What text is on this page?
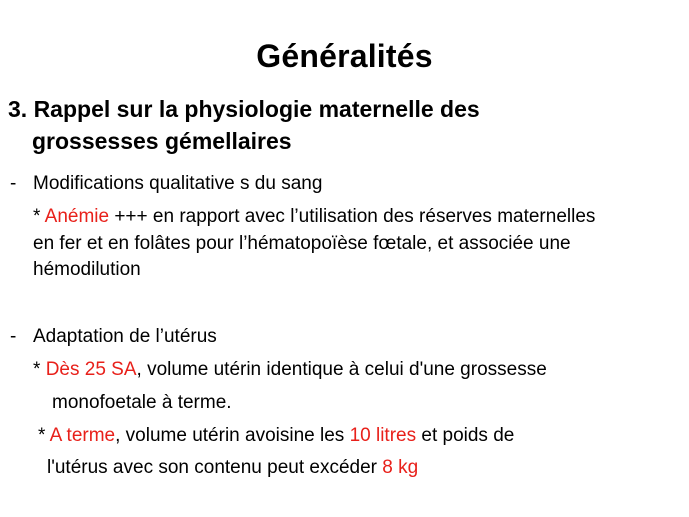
Généralités
3. Rappel sur la physiologie maternelle des
grossesses gémellaires
- Modifications qualitative s du sang
* Anémie +++ en rapport avec l’utilisation des réserves maternelles
en fer et en folâtes pour l’hématopoïèse fœtale, et associée une
hémodilution
- Adaptation de l’utérus
* Dès 25 SA, volume utérin identique à celui d'une grossesse
monofoetale à terme.
* A terme, volume utérin avoisine les 10 litres et poids de
l'utérus avec son contenu peut excéder 8 kg
